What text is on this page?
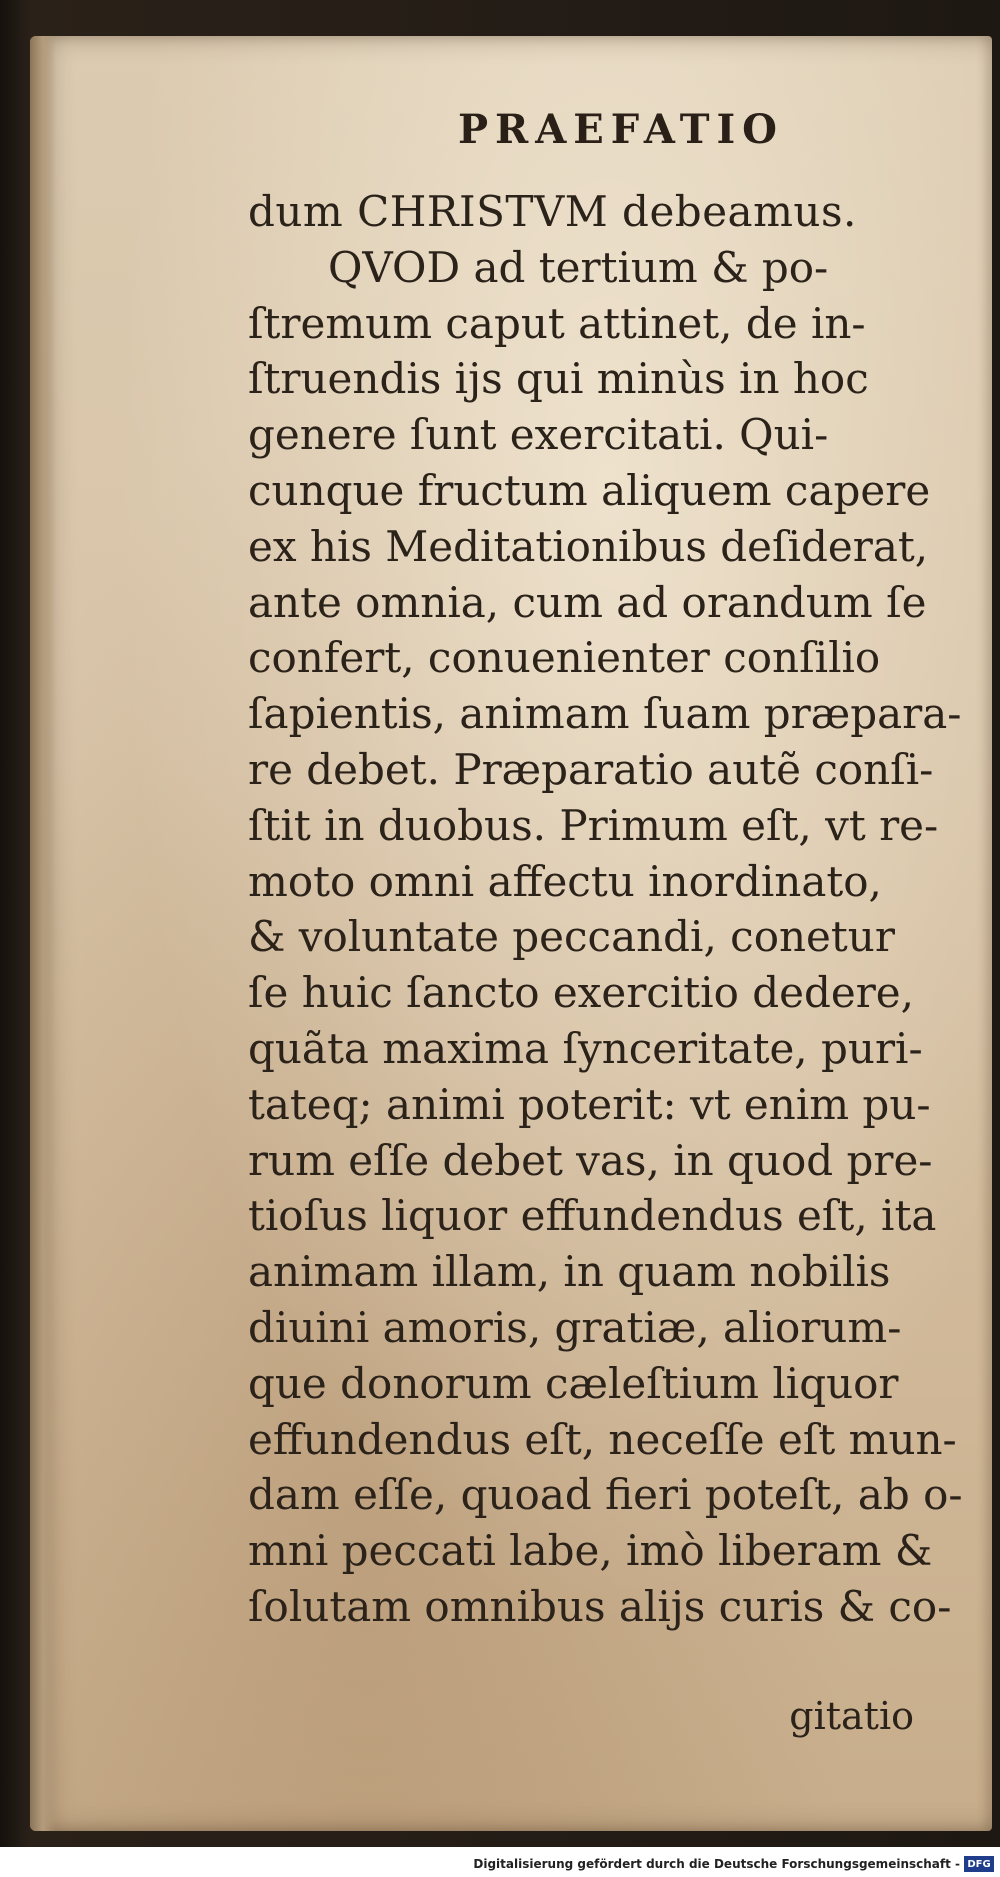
PRAEFATIO
dum CHRISTVM debeamus.
QVOD ad tertium & po-
ſtremum caput attinet, de in-
ſtruendis ijs qui minùs in hoc
genere ſunt exercitati. Qui-
cunque fructum aliquem capere
ex his Meditationibus deſiderat,
ante omnia, cum ad orandum ſe
confert, conuenienter conſilio
ſapientis, animam ſuam præpara-
re debet. Præparatio autẽ conſi-
ſtit in duobus. Primum eſt, vt re-
moto omni affectu inordinato,
& voluntate peccandi, conetur
ſe huic ſancto exercitio dedere,
quãta maxima ſynceritate, puri-
tateq; animi poterit: vt enim pu-
rum eſſe debet vas, in quod pre-
tioſus liquor effundendus eſt, ita
animam illam, in quam nobilis
diuini amoris, gratiæ, aliorum-
que donorum cæleſtium liquor
effundendus eſt, neceſſe eſt mun-
dam eſſe, quoad fieri poteſt, ab o-
mni peccati labe, imò liberam &
ſolutam omnibus alijs curis & co-
gitatio
Digitalisierung gefördert durch die Deutsche Forschungsgemeinschaft - DFG
